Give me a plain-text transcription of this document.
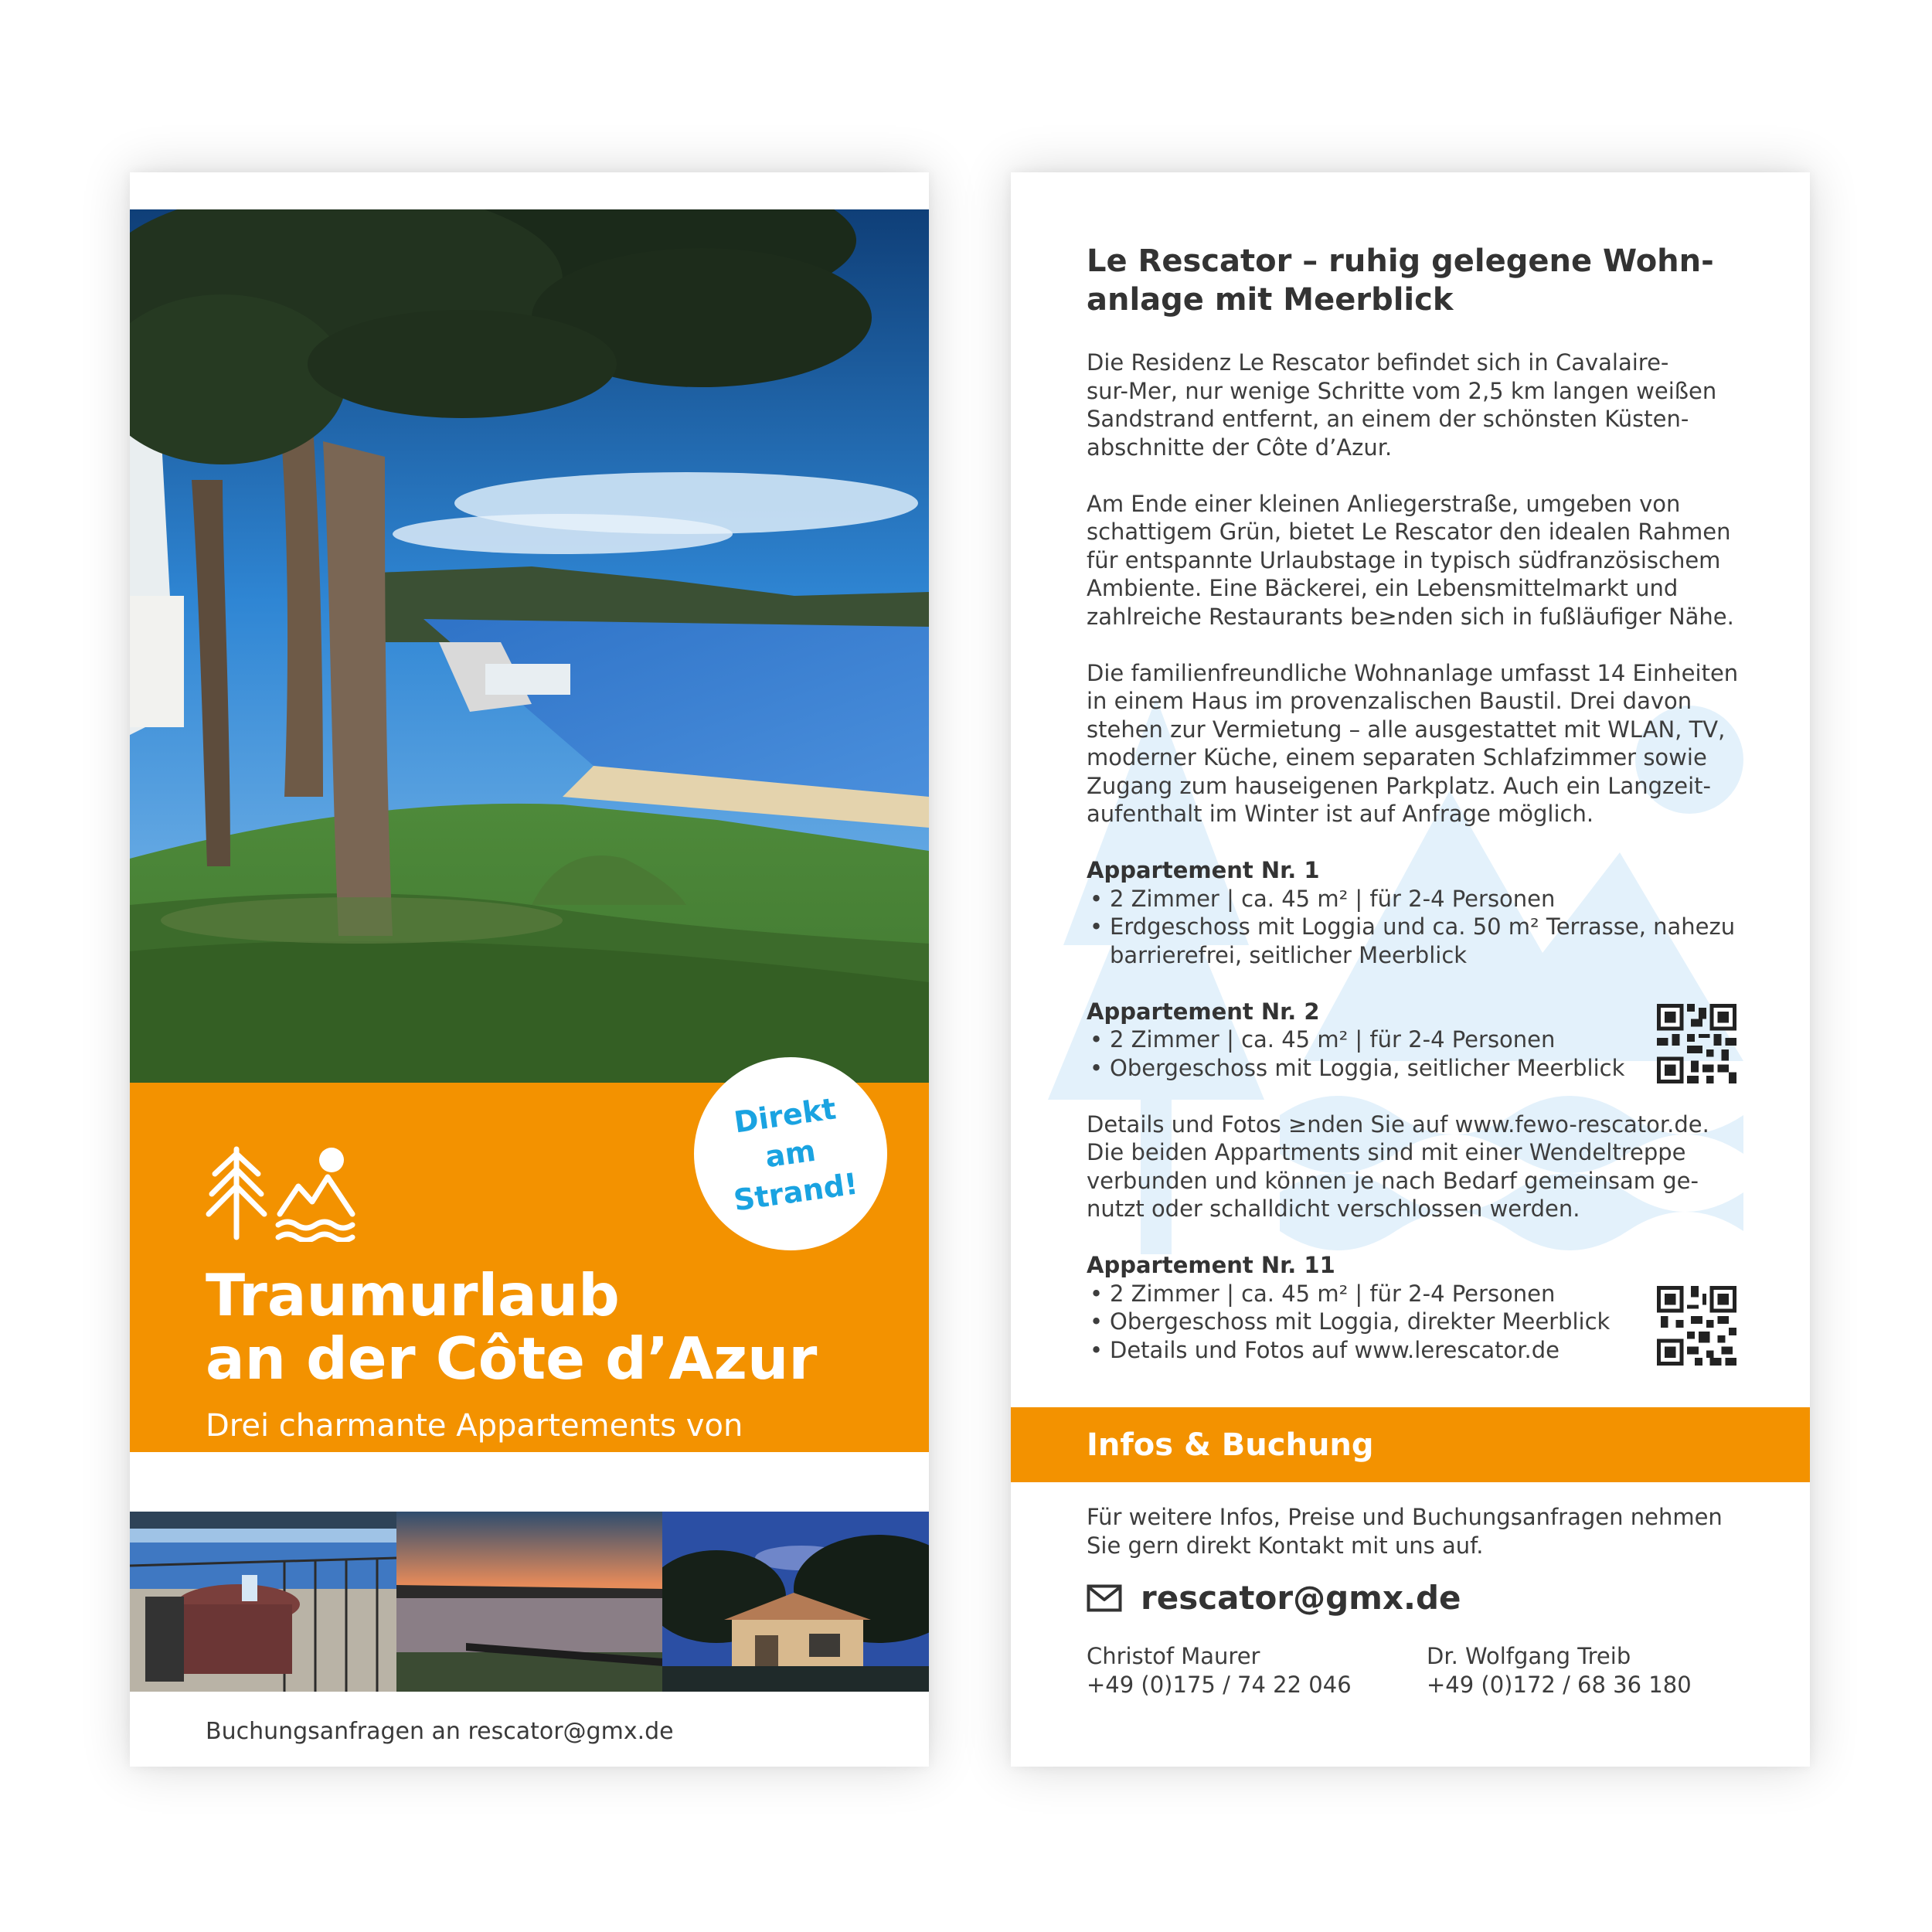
Direkt
am
Strand!
Traumurlaub
an der Côte d’Azur
Drei charmante Appartements von
privat zu vermieten
Buchungsanfragen an rescator@gmx.de
Le Rescator – ruhig gelegene Wohn-
anlage mit Meerblick
Die Residenz Le Rescator befindet sich in Cavalaire-
sur-Mer, nur wenige Schritte vom 2,5 km langen weißen
Sandstrand entfernt, an einem der schönsten Küsten-
abschnitte der Côte d’Azur.
Am Ende einer kleinen Anliegerstraße, umgeben von
schattigem Grün, bietet Le Rescator den idealen Rahmen
für entspannte Urlaubstage in typisch südfranzösischem
Ambiente. Eine Bäckerei, ein Lebensmittelmarkt und
zahlreiche Restaurants be≥nden sich in fußläufiger Nähe.
Die familienfreundliche Wohnanlage umfasst 14 Einheiten
in einem Haus im provenzalischen Baustil. Drei davon
stehen zur Vermietung – alle ausgestattet mit WLAN, TV,
moderner Küche, einem separaten Schlafzimmer sowie
Zugang zum hauseigenen Parkplatz. Auch ein Langzeit-
aufenthalt im Winter ist auf Anfrage möglich.
Appartement Nr. 1
• 2 Zimmer | ca. 45 m² | für 2-4 Personen
• Erdgeschoss mit Loggia und ca. 50 m² Terrasse, nahezu barrierefrei, seitlicher Meerblick
Appartement Nr. 2
• 2 Zimmer | ca. 45 m² | für 2-4 Personen
• Obergeschoss mit Loggia, seitlicher Meerblick
Details und Fotos ≥nden Sie auf www.fewo-rescator.de.
Die beiden Appartments sind mit einer Wendeltreppe
verbunden und können je nach Bedarf gemeinsam ge-
nutzt oder schalldicht verschlossen werden.
Appartement Nr. 11
• 2 Zimmer | ca. 45 m² | für 2-4 Personen
• Obergeschoss mit Loggia, direkter Meerblick
• Details und Fotos auf www.lerescator.de
Infos & Buchung
Für weitere Infos, Preise und Buchungsanfragen nehmen
Sie gern direkt Kontakt mit uns auf.
rescator@gmx.de
Christof Maurer
+49 (0)175 / 74 22 046
Dr. Wolfgang Treib
+49 (0)172 / 68 36 180
